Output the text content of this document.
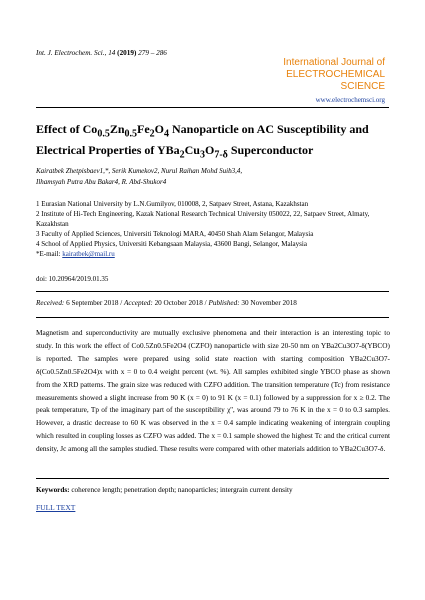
Int. J. Electrochem. Sci., 14 (2019) 279 – 286
International Journal of
ELECTROCHEMICAL
SCIENCE
www.electrochemsci.org
Effect of $Co_{0.5}Zn_{0.5}Fe_2O_4$ Nanoparticle on AC Susceptibility and Electrical Properties of $YBa_2Cu_3O_{7-\delta}$ Superconductor
Kairatbek Zhetpisbaev1,*, Serik Kumekov2, Nurul Raihan Mohd Suib3,4,
Ilhamsyah Putra Abu Bakar4, R. Abd-Shukor4
1 Eurasian National University by L.N.Gumilyov, 010008, 2, Satpaev Street, Astana, Kazakhstan
2 Institute of Hi-Tech Engineering, Kazak National Research Technical University 050022, 22, Satpaev Street, Almaty, Kazakhstan
3 Faculty of Applied Sciences, Universiti Teknologi MARA, 40450 Shah Alam Selangor, Malaysia
4 School of Applied Physics, Universiti Kebangsaan Malaysia, 43600 Bangi, Selangor, Malaysia
*E-mail: kairatbek@mail.ru
doi: 10.20964/2019.01.35
Received: 6 September 2018 / Accepted: 20 October 2018 / Published: 30 November 2018
Magnetism and superconductivity are mutually exclusive phenomena and their interaction is an interesting topic to study. In this work the effect of Co0.5Zn0.5Fe2O4 (CZFO) nanoparticle with size 20-50 nm on YBa2Cu3O7-δ(YBCO) is reported. The samples were prepared using solid state reaction with starting composition YBa2Cu3O7-δ(Co0.5Zn0.5Fe2O4)x with x = 0 to 0.4 weight percent (wt. %). All samples exhibited single YBCO phase as shown from the XRD patterns. The grain size was reduced with CZFO addition. The transition temperature (Tc) from resistance measurements showed a slight increase from 90 K (x = 0) to 91 K (x = 0.1) followed by a suppression for x ≥ 0.2. The peak temperature, Tp of the imaginary part of the susceptibility χ'', was around 79 to 76 K in the x = 0 to 0.3 samples. However, a drastic decrease to 60 K was observed in the x = 0.4 sample indicating weakening of intergrain coupling which resulted in coupling losses as CZFO was added. The x = 0.1 sample showed the highest Tc and the critical current density, Jc among all the samples studied. These results were compared with other materials addition to YBa2Cu3O7-δ.
Keywords: coherence length; penetration depth; nanoparticles; intergrain current density
FULL TEXT
